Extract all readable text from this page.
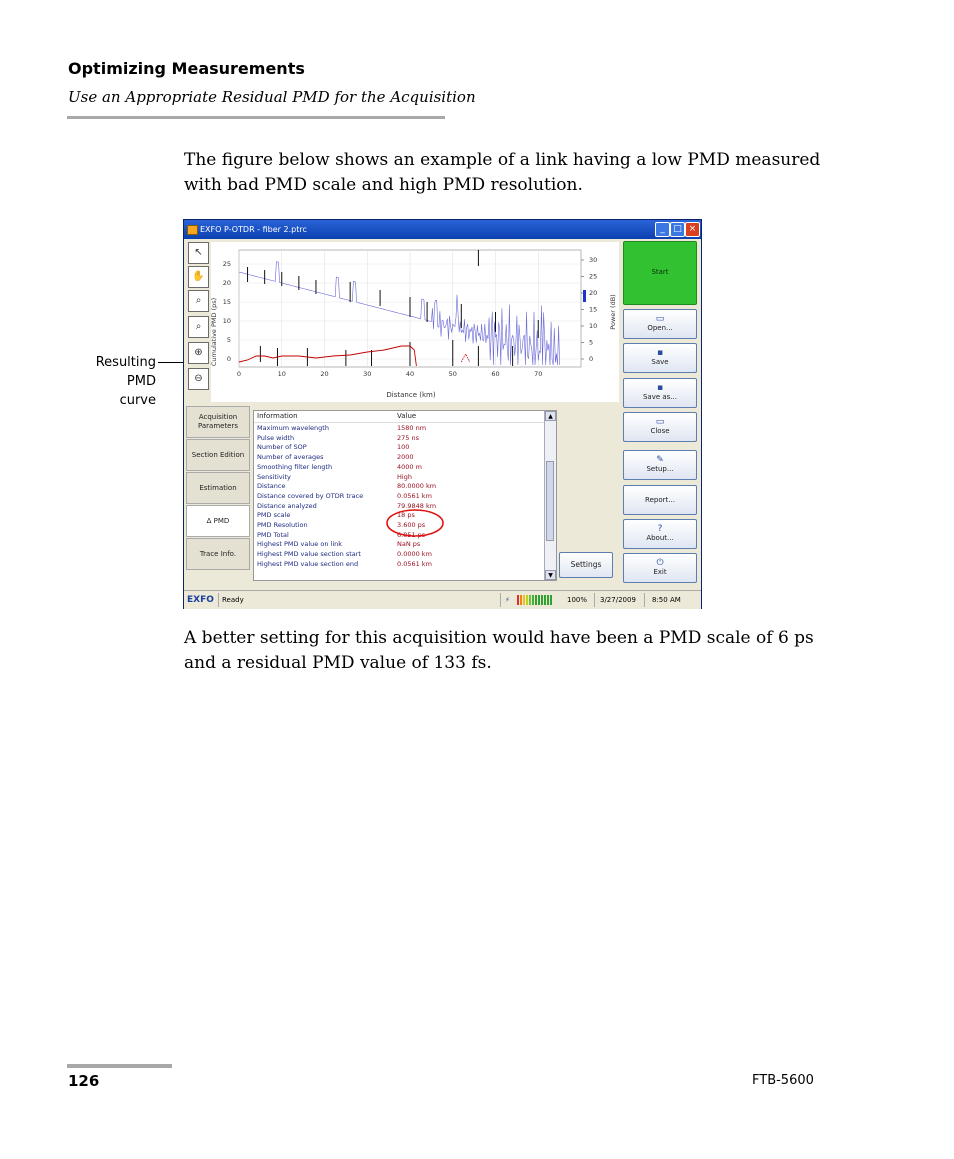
Optimizing Measurements
Use an Appropriate Residual PMD for the Acquisition
The figure below shows an example of a link having a low PMD measured
with bad PMD scale and high PMD resolution.
Resulting
PMD
curve
EXFO P-OTDR - fiber 2.ptrc	_ □ ×
↖
✋
⌕
⌕
⊕
⊖	0	10	20	30	40	50	60	70
25
20
15
10
5
0
30
25
20
15
10
5
0
Cumulative PMD (ps)	Power (dB)
Distance (km)
Start
▭
Open...
▪
Save
▪
Save as...
▭
Close
✎
Setup...
Report...
?
About...
⏻
Exit
Acquisition
Parameters
Section Edition
Estimation
Δ PMD
Trace Info.
Information	Value
Maximum wavelength	1580 nm
Pulse width	275 ns
Number of SOP	100
Number of averages	2000
Smoothing filter length	4000 m
Sensitivity	High
Distance	80.0000 km
Distance covered by OTDR trace	0.0561 km
Distance analyzed	79.9848 km
PMD scale	18 ps
PMD Resolution	3.600 ps
PMD Total	6.851 ps
Highest PMD value on link	NaN ps
Highest PMD value section start	0.0000 km
Highest PMD value section end	0.0561 km
▲
▼
Settings
EXFO Ready	⚡	100% 3/27/2009 8:50 AM
A better setting for this acquisition would have been a PMD scale of 6 ps
and a residual PMD value of 133 fs.
126	FTB-5600
